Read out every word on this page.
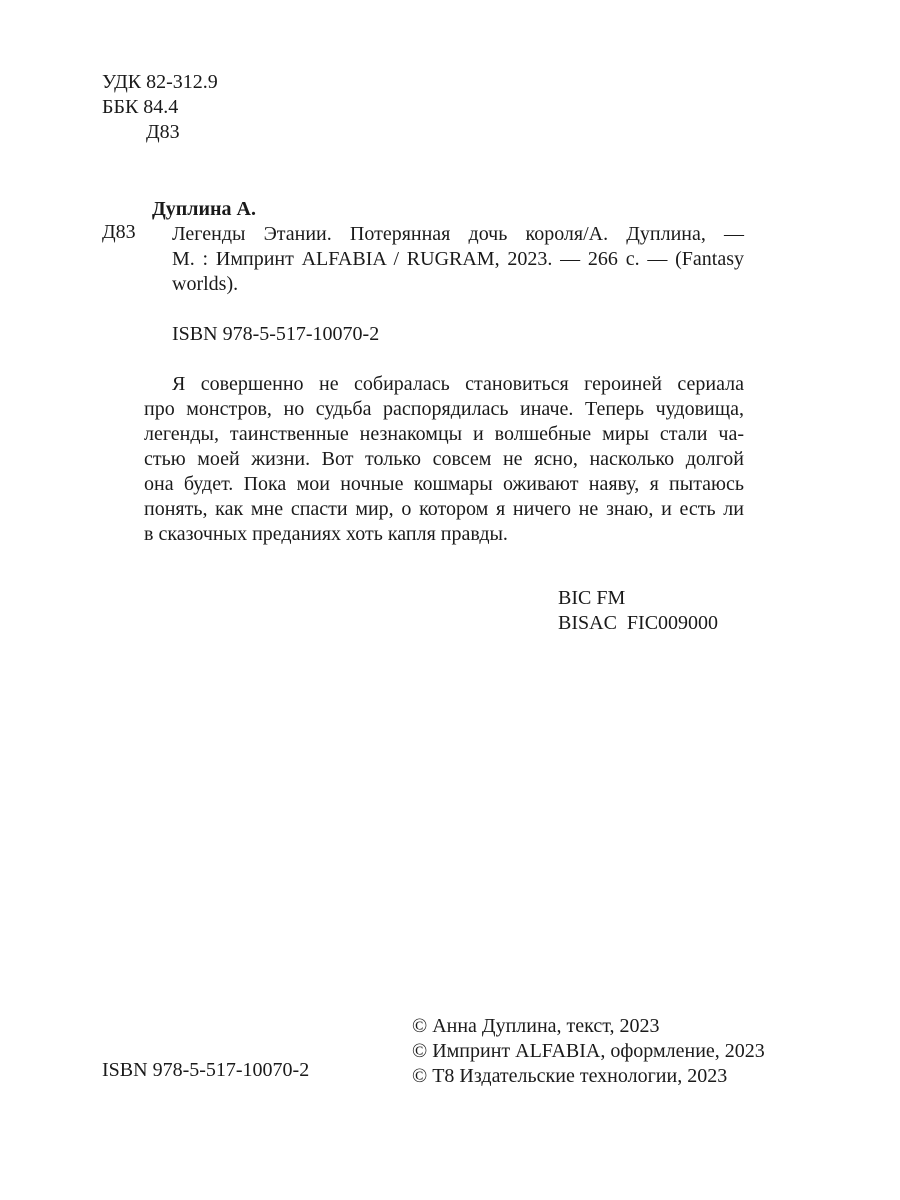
УДК 82-312.9
ББК 84.4
Д83
Дуплина А.
Д83 Легенды Этании. Потерянная дочь короля/А. Дуплина, —
М. : Импринт ALFABIA / RUGRAM, 2023. — 266 с. — (Fantasy
worlds).
ISBN 978-5-517-10070-2
Я совершенно не собиралась становиться героиней сериала
про монстров, но судьба распорядилась иначе. Теперь чудовища,
легенды, таинственные незнакомцы и волшебные миры стали ча-
стью моей жизни. Вот только совсем не ясно, насколько долгой
она будет. Пока мои ночные кошмары оживают наяву, я пытаюсь
понять, как мне спасти мир, о котором я ничего не знаю, и есть ли
в сказочных преданиях хоть капля правды.
BIC FM
BISAC  FIC009000
ISBN 978-5-517-10070-2
© Анна Дуплина, текст, 2023
© Импринт ALFABIA, оформление, 2023
© Т8 Издательские технологии, 2023
